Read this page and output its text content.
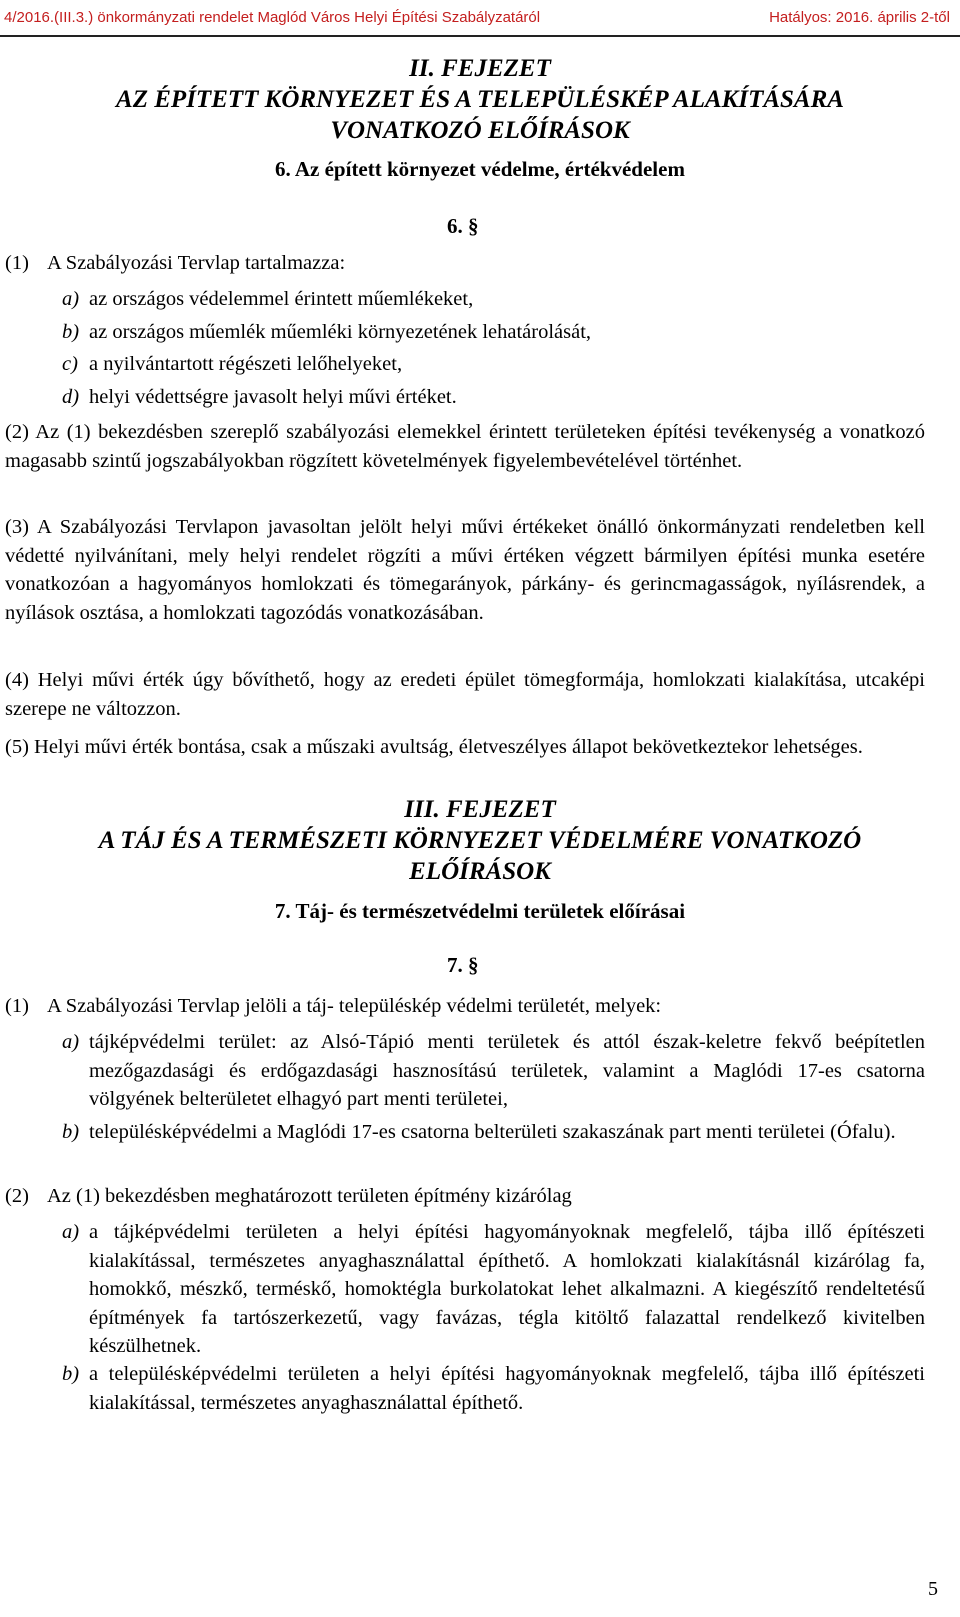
4/2016.(III.3.) önkormányzati rendelet Maglód Város Helyi Építési Szabályzatáról	Hatályos: 2016. április 2-től
II. FEJEZET
AZ ÉPÍTETT KÖRNYEZET ÉS A TELEPÜLÉSKÉP ALAKÍTÁSÁRA
VONATKOZÓ ELŐÍRÁSOK
6. Az épített környezet védelme, értékvédelem
6. §
(1) A Szabályozási Tervlap tartalmazza:
a) az országos védelemmel érintett műemlékeket,
b) az országos műemlék műemléki környezetének lehatárolását,
c) a nyilvántartott régészeti lelőhelyeket,
d) helyi védettségre javasolt helyi művi értéket.
(2) Az (1) bekezdésben szereplő szabályozási elemekkel érintett területeken építési tevékenység a vonatkozó magasabb szintű jogszabályokban rögzített követelmények figyelembevételével történhet.
(3) A Szabályozási Tervlapon javasoltan jelölt helyi művi értékeket önálló önkormányzati rendeletben kell védetté nyilvánítani, mely helyi rendelet rögzíti a művi értéken végzett bármilyen építési munka esetére vonatkozóan a hagyományos homlokzati és tömegarányok, párkány- és gerincmagasságok, nyílásrendek, a nyílások osztása, a homlokzati tagozódás vonatkozásában.
(4) Helyi művi érték úgy bővíthető, hogy az eredeti épület tömegformája, homlokzati kialakítása, utcaképi szerepe ne változzon.
(5) Helyi művi érték bontása, csak a műszaki avultság, életveszélyes állapot bekövetkeztekor lehetséges.
III. FEJEZET
A TÁJ ÉS A TERMÉSZETI KÖRNYEZET VÉDELMÉRE VONATKOZÓ
ELŐÍRÁSOK
7. Táj- és természetvédelmi területek előírásai
7. §
(1) A Szabályozási Tervlap jelöli a táj- településkép védelmi területét, melyek:
a) tájképvédelmi terület: az Alsó-Tápió menti területek és attól észak-keletre fekvő beépítetlen mezőgazdasági és erdőgazdasági hasznosítású területek, valamint a Maglódi 17-es csatorna völgyének belterületet elhagyó part menti területei,
b) településképvédelmi a Maglódi 17-es csatorna belterületi szakaszának part menti területei (Ófalu).
(2) Az (1) bekezdésben meghatározott területen építmény kizárólag
a) a tájképvédelmi területen a helyi építési hagyományoknak megfelelő, tájba illő építészeti kialakítással, természetes anyaghasználattal építhető. A homlokzati kialakításnál kizárólag fa, homokkő, mészkő, terméskő, homoktégla burkolatokat lehet alkalmazni. A kiegészítő rendeltetésű építmények fa tartószerkezetű, vagy favázas, tégla kitöltő falazattal rendelkező kivitelben készülhetnek.
b) a településképvédelmi területen a helyi építési hagyományoknak megfelelő, tájba illő építészeti kialakítással, természetes anyaghasználattal építhető.
5
